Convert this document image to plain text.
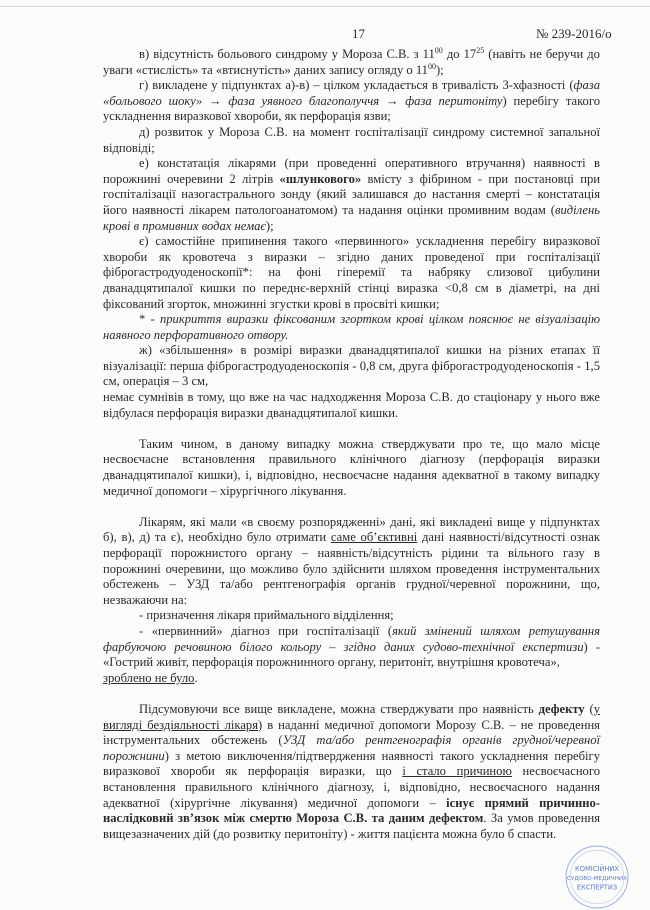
17	№ 239-2016/о

в) відсутність больового синдрому у Мороза С.В. з $11^{00}$ до $17^{25}$ (навіть не беручи до уваги «стислість» та «втиснутість» даних запису огляду о $11^{00}$);

г) викладене у підпунктах а)-в) – цілком укладається в тривалість 3-хфазності (фаза «больового шоку» → фаза уявного благополуччя → фаза перитоніту) перебігу такого ускладнення виразкової хвороби, як перфорація язви;

д) розвиток у Мороза С.В. на момент госпіталізації синдрому системної запальної відповіді;

е) констатація лікарями (при проведенні оперативного втручання) наявності в порожнині очеревини 2 літрів «шлункового» вмісту з фібрином - при постановці при госпіталізації назогастрального зонду (який залишався до настання смерті – констатація його наявності лікарем патологоанатомом) та надання оцінки промивним водам (виділень крові в промивних водах немає);

є) самостійне припинення такого «первинного» ускладнення перебігу виразкової хвороби як кровотеча з виразки – згідно даних проведеної при госпіталізації фіброгастродуоденоскопії*: на фоні гіперемії та набряку слизової цибулини дванадцятипалої кишки по переднє-верхній стінці виразка <0,8 см в діаметрі, на дні фіксований згорток, множинні згустки крові в просвіті кишки;

* - прикриття виразки фіксованим згортком крові цілком пояснює не візуалізацію наявного перфоративного отвору.

ж) «збільшення» в розмірі виразки дванадцятипалої кишки на різних етапах її візуалізації: перша фіброгастродуоденоскопія - 0,8 см, друга фіброгастродуоденоскопія - 1,5 см, операція – 3 см,

немає сумнівів в тому, що вже на час надходження Мороза С.В. до стаціонару у нього вже відбулася перфорація виразки дванадцятипалої кишки.

Таким чином, в даному випадку можна стверджувати про те, що мало місце несвоєчасне встановлення правильного клінічного діагнозу (перфорація виразки дванадцятипалої кишки), і, відповідно, несвоєчасне надання адекватної в такому випадку медичної допомоги – хірургічного лікування.

Лікарям, які мали «в своєму розпорядженні» дані, які викладені вище у підпунктах б), в), д) та є), необхідно було отримати саме об’єктивні дані наявності/відсутності ознак перфорації порожнистого органу – наявність/відсутність рідини та вільного газу в порожнині очеревини, що можливо було здійснити шляхом проведення інструментальних обстежень – УЗД та/або рентгенографія органів грудної/черевної порожнини, що, незважаючи на:

- призначення лікаря приймального відділення;

- «первинний» діагноз при госпіталізації (який змінений шляхом ретушування фарбуючою речовиною білого кольору – згідно даних судово-технічної експертизи) - «Гострий живіт, перфорація порожнинного органу, перитоніт, внутрішня кровотеча»,

зроблено не було.

Підсумовуючи все вище викладене, можна стверджувати про наявність дефекту (у вигляді бездіяльності лікаря) в наданні медичної допомоги Морозу С.В. – не проведення інструментальних обстежень (УЗД та/або рентгенографія органів грудної/черевної порожнини) з метою виключення/підтвердження наявності такого ускладнення перебігу виразкової хвороби як перфорація виразки, що і стало причиною несвоєчасного встановлення правильного клінічного діагнозу, і, відповідно, несвоєчасного надання адекватної (хірургічне лікування) медичної допомоги – існує прямий причинно-наслідковий зв’язок між смертю Мороза С.В. та даним дефектом. За умов проведення вищезазначених дій (до розвитку перитоніту) - життя пацієнта можна було б спасти.

КОМІСІЙНИХ
СУДОВО-МЕДИЧНИХ
ЕКСПЕРТИЗ
